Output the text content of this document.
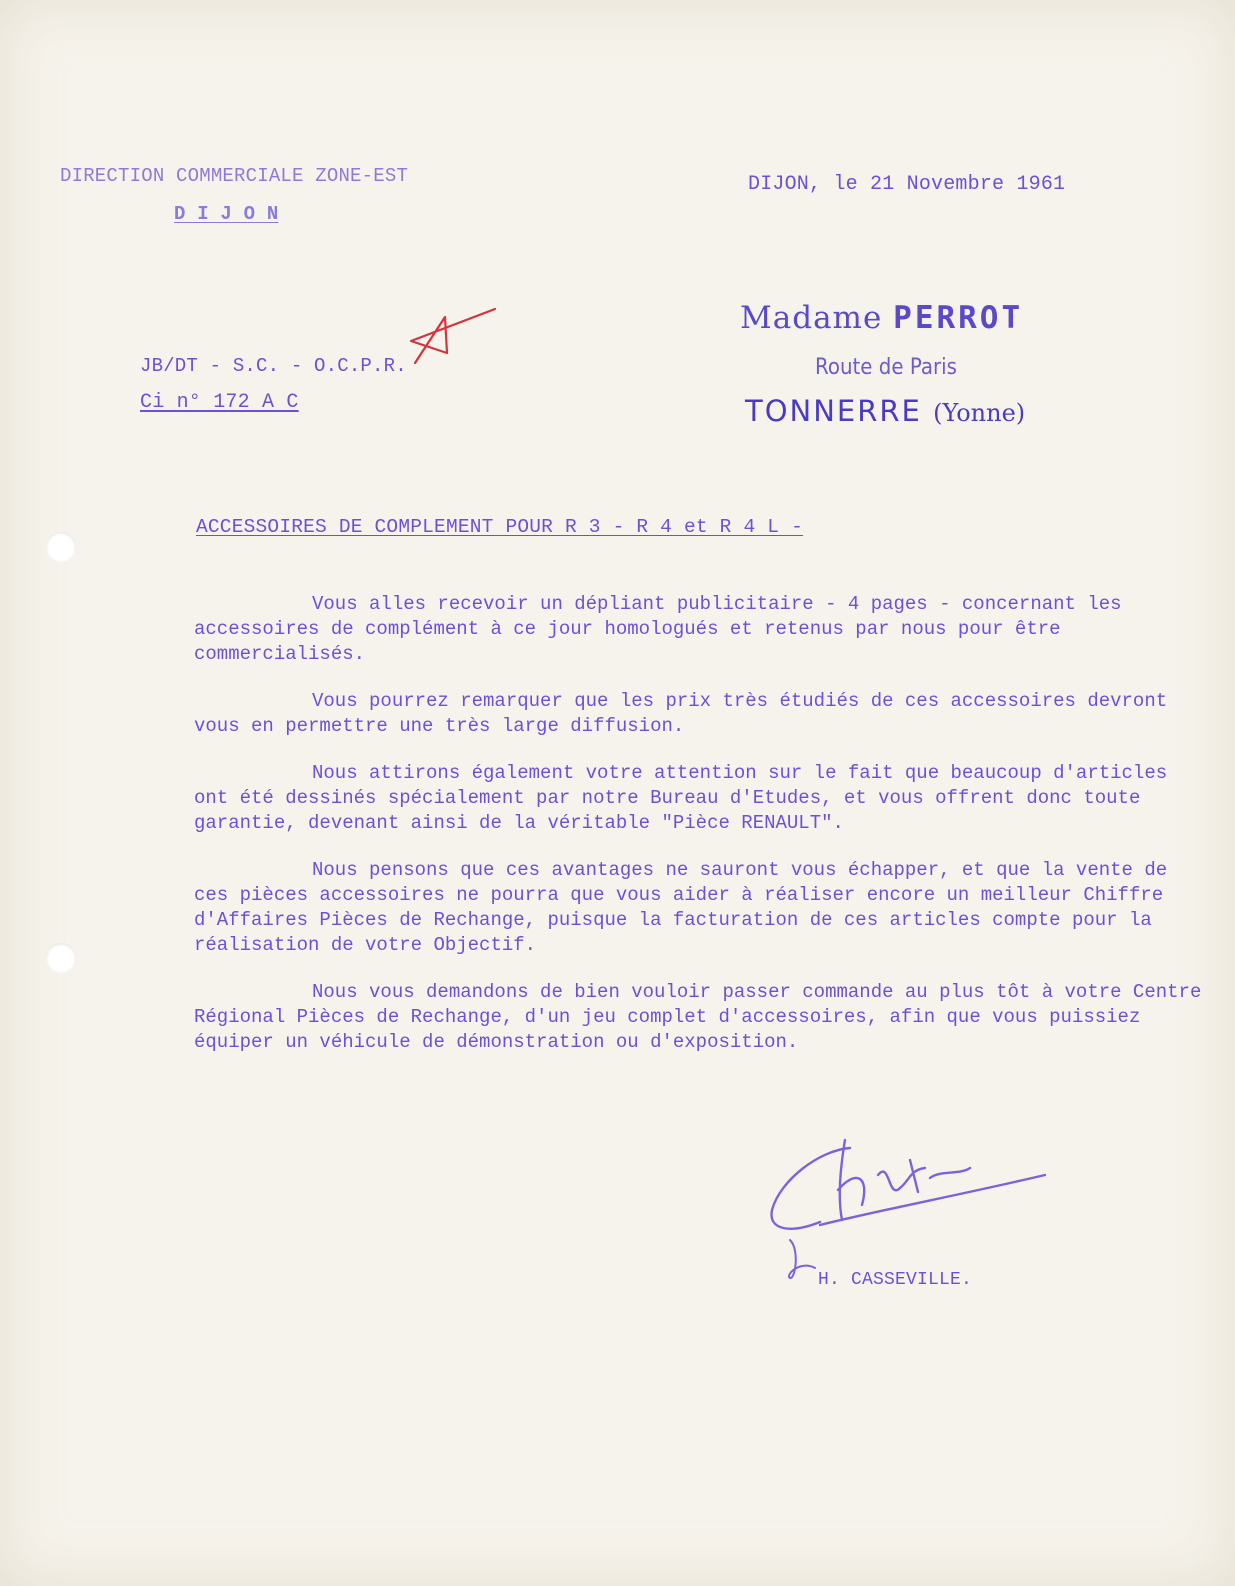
DIRECTION COMMERCIALE ZONE-EST
D I J O N
DIJON, le 21 Novembre 1961
JB/DT - S.C. - O.C.P.R.
Ci n° 172 A C
Madame PERROT
Route de Paris
TONNERRE (Yonne)
ACCESSOIRES DE COMPLEMENT POUR R 3 - R 4 et R 4 L -

Vous alles recevoir un dépliant publicitaire - 4 pages - concernant les accessoires de complément à ce jour homologués et retenus par nous pour être commercialisés.

Vous pourrez remarquer que les prix très étudiés de ces accessoires devront vous en permettre une très large diffusion.

Nous attirons également votre attention sur le fait que beaucoup d'articles ont été dessinés spécialement par notre Bureau d'Etudes, et vous offrent donc toute garantie, devenant ainsi de la véritable "Pièce RENAULT".

Nous pensons que ces avantages ne sauront vous échapper, et que la vente de ces pièces accessoires ne pourra que vous aider à réaliser encore un meilleur Chiffre d'Affaires Pièces de Rechange, puisque la facturation de ces articles compte pour la réalisation de votre Objectif.

Nous vous demandons de bien vouloir passer commande au plus tôt à votre Centre Régional Pièces de Rechange, d'un jeu complet d'accessoires, afin que vous puissiez équiper un véhicule de démonstration ou d'exposition.

H. CASSEVILLE.
